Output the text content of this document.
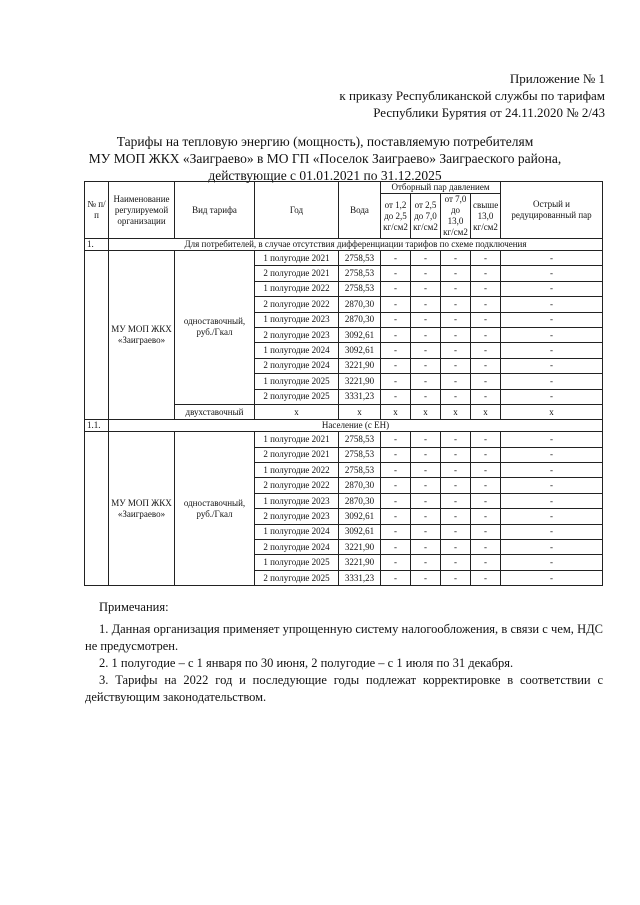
Приложение № 1
к приказу Республиканской службы по тарифам
Республики Бурятия от 24.11.2020 № 2/43
Тарифы на тепловую энергию (мощность), поставляемую потребителям
МУ МОП ЖКХ «Заиграево» в МО ГП «Поселок Заиграево» Заиграеского района,
действующие с 01.01.2021 по 31.12.2025
№ п/п	Наименование регулируемой организации	Вид тарифа	Год	Вода	Отборный пар давлением				Острый и редуцированный пар
					от 1,2 до 2,5 кг/см2	от 2,5 до 7,0 кг/см2	от 7,0 до 13,0 кг/см2	свыше 13,0 кг/см2	
1.	Для потребителей, в случае отсутствия дифференциации тарифов по схеме подключения								
	МУ МОП ЖКХ «Заиграево»	одноставочный, руб./Гкал	1 полугодие 2021	2758,53	-	-	-	-	-
			2 полугодие 2021	2758,53	-	-	-	-	-
			1 полугодие 2022	2758,53	-	-	-	-	-
			2 полугодие 2022	2870,30	-	-	-	-	-
			1 полугодие 2023	2870,30	-	-	-	-	-
			2 полугодие 2023	3092,61	-	-	-	-	-
			1 полугодие 2024	3092,61	-	-	-	-	-
			2 полугодие 2024	3221,90	-	-	-	-	-
			1 полугодие 2025	3221,90	-	-	-	-	-
			2 полугодие 2025	3331,23	-	-	-	-	-
		двухставочный	х	х	х	х	х	х	х
1.1.	Население (с ЕН)								
	МУ МОП ЖКХ «Заиграево»	одноставочный, руб./Гкал	1 полугодие 2021	2758,53	-	-	-	-	-
			2 полугодие 2021	2758,53	-	-	-	-	-
			1 полугодие 2022	2758,53	-	-	-	-	-
			2 полугодие 2022	2870,30	-	-	-	-	-
			1 полугодие 2023	2870,30	-	-	-	-	-
			2 полугодие 2023	3092,61	-	-	-	-	-
			1 полугодие 2024	3092,61	-	-	-	-	-
			2 полугодие 2024	3221,90	-	-	-	-	-
			1 полугодие 2025	3221,90	-	-	-	-	-
			2 полугодие 2025	3331,23	-	-	-	-	-

Примечания:

1. Данная организация применяет упрощенную систему налогообложения, в связи с чем, НДС не предусмотрен.

2. 1 полугодие – с 1 января по 30 июня, 2 полугодие – с 1 июля по 31 декабря.

3. Тарифы на 2022 год и последующие годы подлежат корректировке в соответствии с действующим законодательством.
